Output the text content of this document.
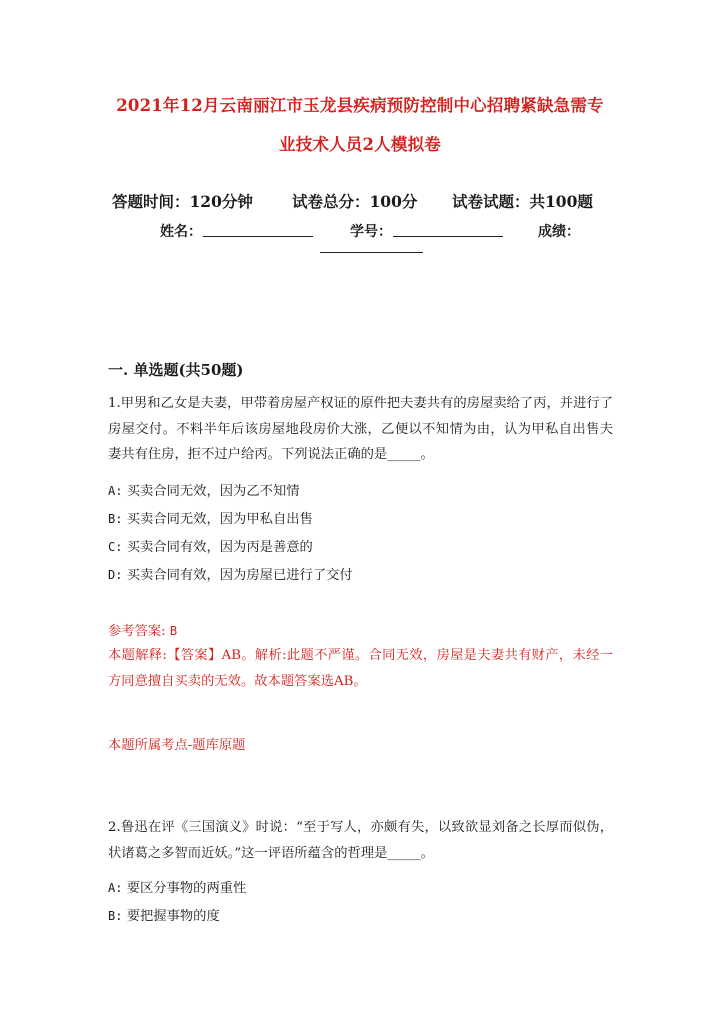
2021年12月云南丽江市玉龙县疾病预防控制中心招聘紧缺急需专
业技术人员2人模拟卷
答题时间：120分钟	试卷总分：100分 试卷试题：共100题
姓名：	学号：	成绩：
一. 单选题(共50题)
1.甲男和乙女是夫妻，甲带着房屋产权证的原件把夫妻共有的房屋卖给了丙，并进行了房屋交付。不料半年后该房屋地段房价大涨，乙便以不知情为由，认为甲私自出售夫妻共有住房，拒不过户给丙。下列说法正确的是_____。
A: 买卖合同无效，因为乙不知情
B: 买卖合同无效，因为甲私自出售
C: 买卖合同有效，因为丙是善意的
D: 买卖合同有效，因为房屋已进行了交付
参考答案: B
本题解释:【答案】AB。解析:此题不严谨。合同无效，房屋是夫妻共有财产，未经一方同意擅自买卖的无效。故本题答案选AB。
本题所属考点-题库原题
2.鲁迅在评《三国演义》时说：“至于写人，亦颇有失，以致欲显刘备之长厚而似伪，状诸葛之多智而近妖。”这一评语所蕴含的哲理是_____。
A: 要区分事物的两重性
B: 要把握事物的度
